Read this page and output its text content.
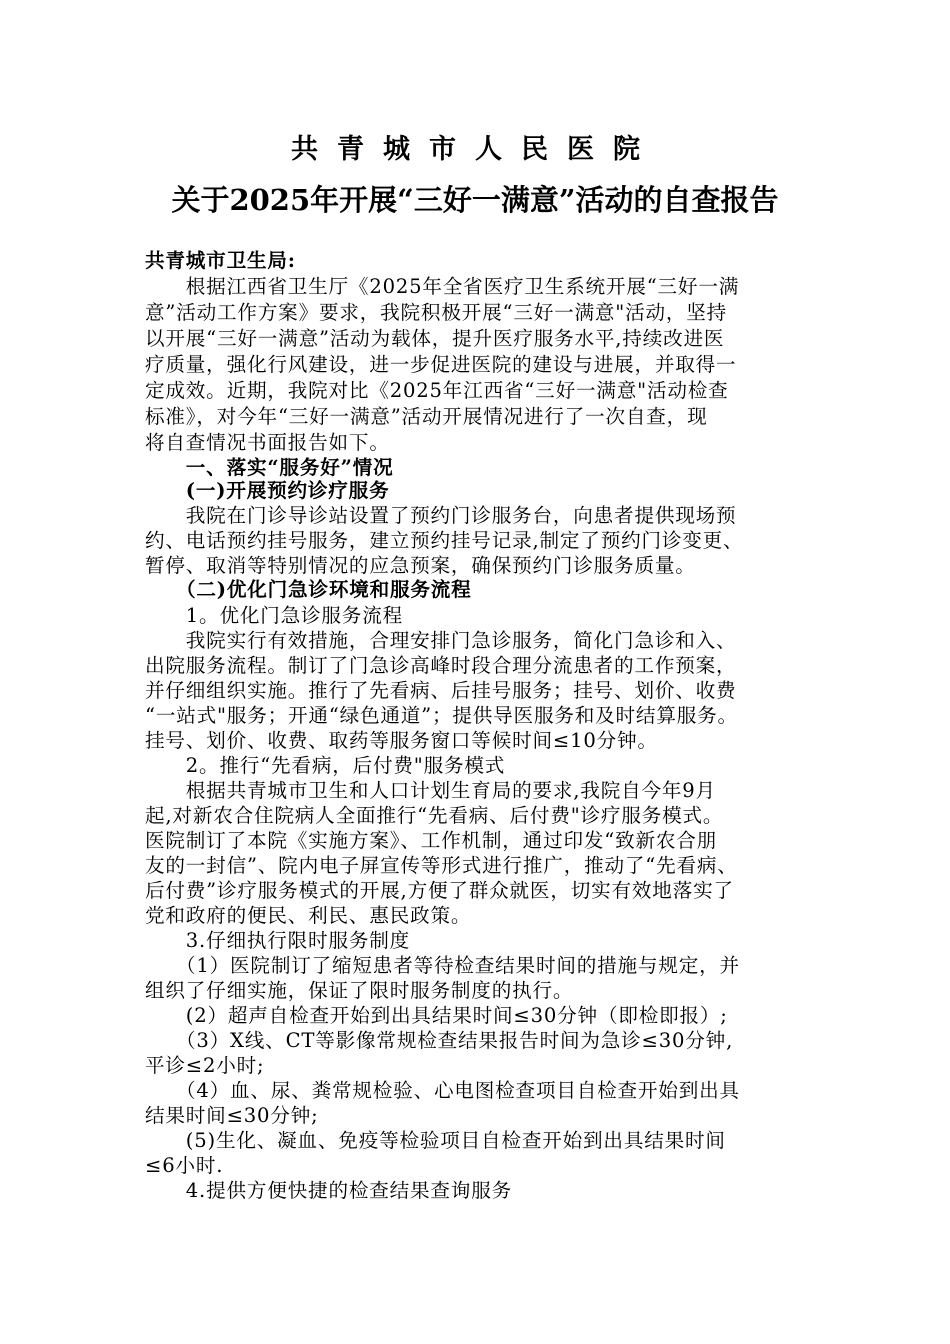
共青城市人民医院
关于2025年开展“三好一满意”活动的自查报告
共青城市卫生局:
　　根据江西省卫生厅《2025年全省医疗卫生系统开展“三好一满
意”活动工作方案》要求，我院积极开展“三好一满意"活动，坚持
以开展“三好一满意”活动为载体，提升医疗服务水平,持续改进医
疗质量，强化行风建设，进一步促进医院的建设与进展，并取得一
定成效。近期，我院对比《2025年江西省“三好一满意"活动检查
标准》，对今年“三好一满意”活动开展情况进行了一次自查，现
将自查情况书面报告如下。
　　一、落实“服务好”情况
　　(一)开展预约诊疗服务
　　我院在门诊导诊站设置了预约门诊服务台，向患者提供现场预
约、电话预约挂号服务，建立预约挂号记录,制定了预约门诊变更、
暂停、取消等特别情况的应急预案，确保预约门诊服务质量。
　　（二)优化门急诊环境和服务流程
　　1。优化门急诊服务流程
　　我院实行有效措施，合理安排门急诊服务，简化门急诊和入、
出院服务流程。制订了门急诊高峰时段合理分流患者的工作预案，
并仔细组织实施。推行了先看病、后挂号服务；挂号、划价、收费
“一站式"服务；开通“绿色通道”；提供导医服务和及时结算服务。
挂号、划价、收费、取药等服务窗口等候时间≤10分钟。
　　2。推行“先看病，后付费"服务模式
　　根据共青城市卫生和人口计划生育局的要求,我院自今年9月
起,对新农合住院病人全面推行“先看病、后付费"诊疗服务模式。
医院制订了本院《实施方案》、工作机制，通过印发“致新农合朋
友的一封信”、院内电子屏宣传等形式进行推广，推动了“先看病、
后付费”诊疗服务模式的开展,方便了群众就医，切实有效地落实了
党和政府的便民、利民、惠民政策。
　　3.仔细执行限时服务制度
　　（1）医院制订了缩短患者等待检查结果时间的措施与规定，并
组织了仔细实施，保证了限时服务制度的执行。
　　(2）超声自检查开始到出具结果时间≤30分钟（即检即报）;
　　（3）X线、CT等影像常规检查结果报告时间为急诊≤30分钟,
平诊≤2小时;
　　（4）血、尿、粪常规检验、心电图检查项目自检查开始到出具
结果时间≤30分钟;
　　(5)生化、凝血、免疫等检验项目自检查开始到出具结果时间
≤6小时.
　　4.提供方便快捷的检查结果查询服务
